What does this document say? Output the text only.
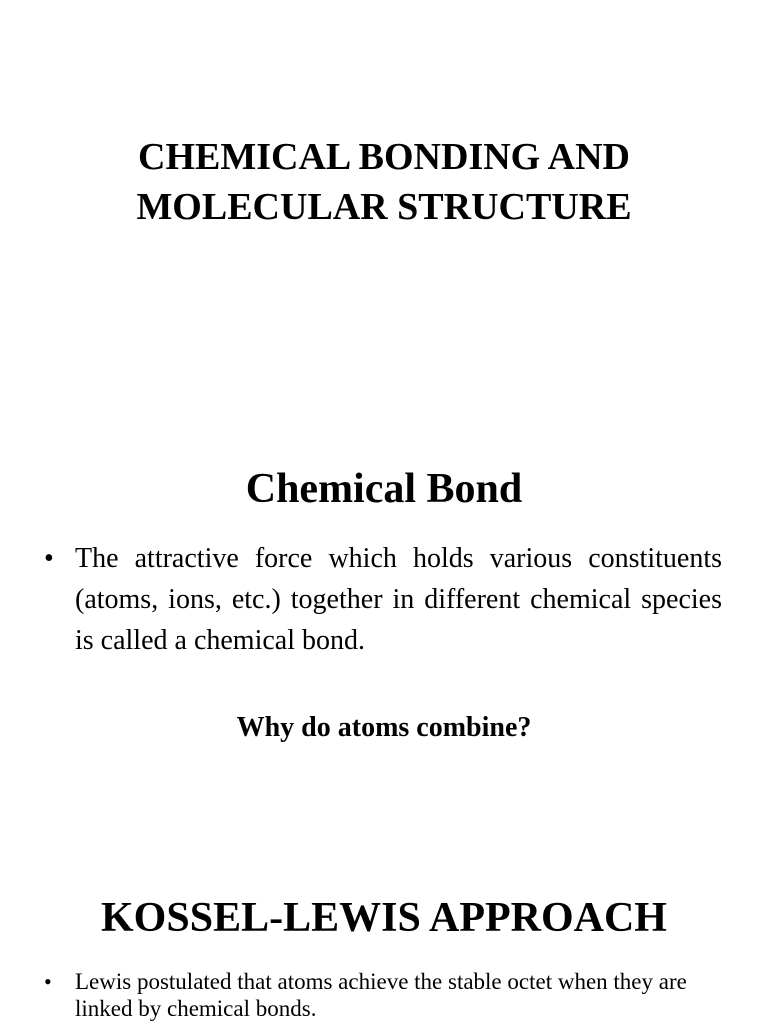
CHEMICAL BONDING AND
MOLECULAR STRUCTURE
Chemical Bond
• The attractive force which holds various constituents (atoms, ions, etc.) together in different chemical species is called a chemical bond.
Why do atoms combine?
KOSSEL-LEWIS APPROACH
• Lewis postulated that atoms achieve the stable octet when they are linked by chemical bonds.
